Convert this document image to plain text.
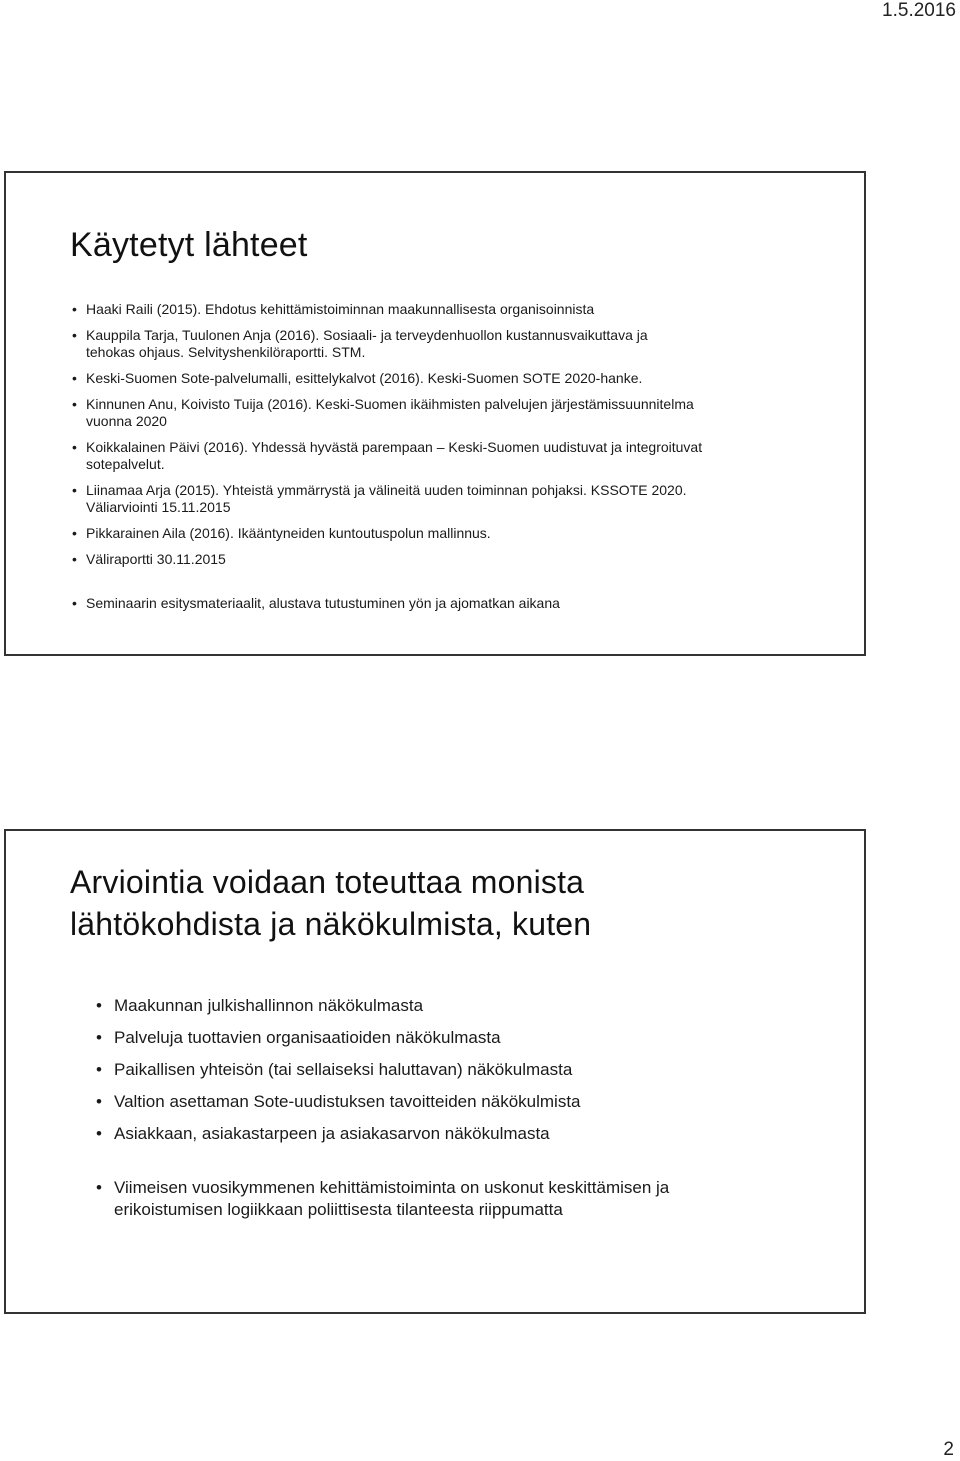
1.5.2016
Käytetyt lähteet
• Haaki Raili (2015). Ehdotus kehittämistoiminnan maakunnallisesta organisoinnista
• Kauppila Tarja, Tuulonen Anja (2016). Sosiaali- ja terveydenhuollon kustannusvaikuttava ja
tehokas ohjaus. Selvityshenkilöraportti. STM.
• Keski-Suomen Sote-palvelumalli, esittelykalvot (2016). Keski-Suomen SOTE 2020-hanke.
• Kinnunen Anu, Koivisto Tuija (2016). Keski-Suomen ikäihmisten palvelujen järjestämissuunnitelma
vuonna 2020
• Koikkalainen Päivi (2016). Yhdessä hyvästä parempaan – Keski-Suomen uudistuvat ja integroituvat
sotepalvelut.
• Liinamaa Arja (2015). Yhteistä ymmärrystä ja välineitä uuden toiminnan pohjaksi. KSSOTE 2020.
Väliarviointi 15.11.2015
• Pikkarainen Aila (2016). Ikääntyneiden kuntoutuspolun mallinnus.
• Väliraportti 30.11.2015
• Seminaarin esitysmateriaalit, alustava tutustuminen yön ja ajomatkan aikana
Arviointia voidaan toteuttaa monista
lähtökohdista ja näkökulmista, kuten
• Maakunnan julkishallinnon näkökulmasta
• Palveluja tuottavien organisaatioiden näkökulmasta
• Paikallisen yhteisön (tai sellaiseksi haluttavan) näkökulmasta
• Valtion asettaman Sote-uudistuksen tavoitteiden näkökulmista
• Asiakkaan, asiakastarpeen ja asiakasarvon näkökulmasta
• Viimeisen vuosikymmenen kehittämistoiminta on uskonut keskittämisen ja
erikoistumisen logiikkaan poliittisesta tilanteesta riippumatta
2
